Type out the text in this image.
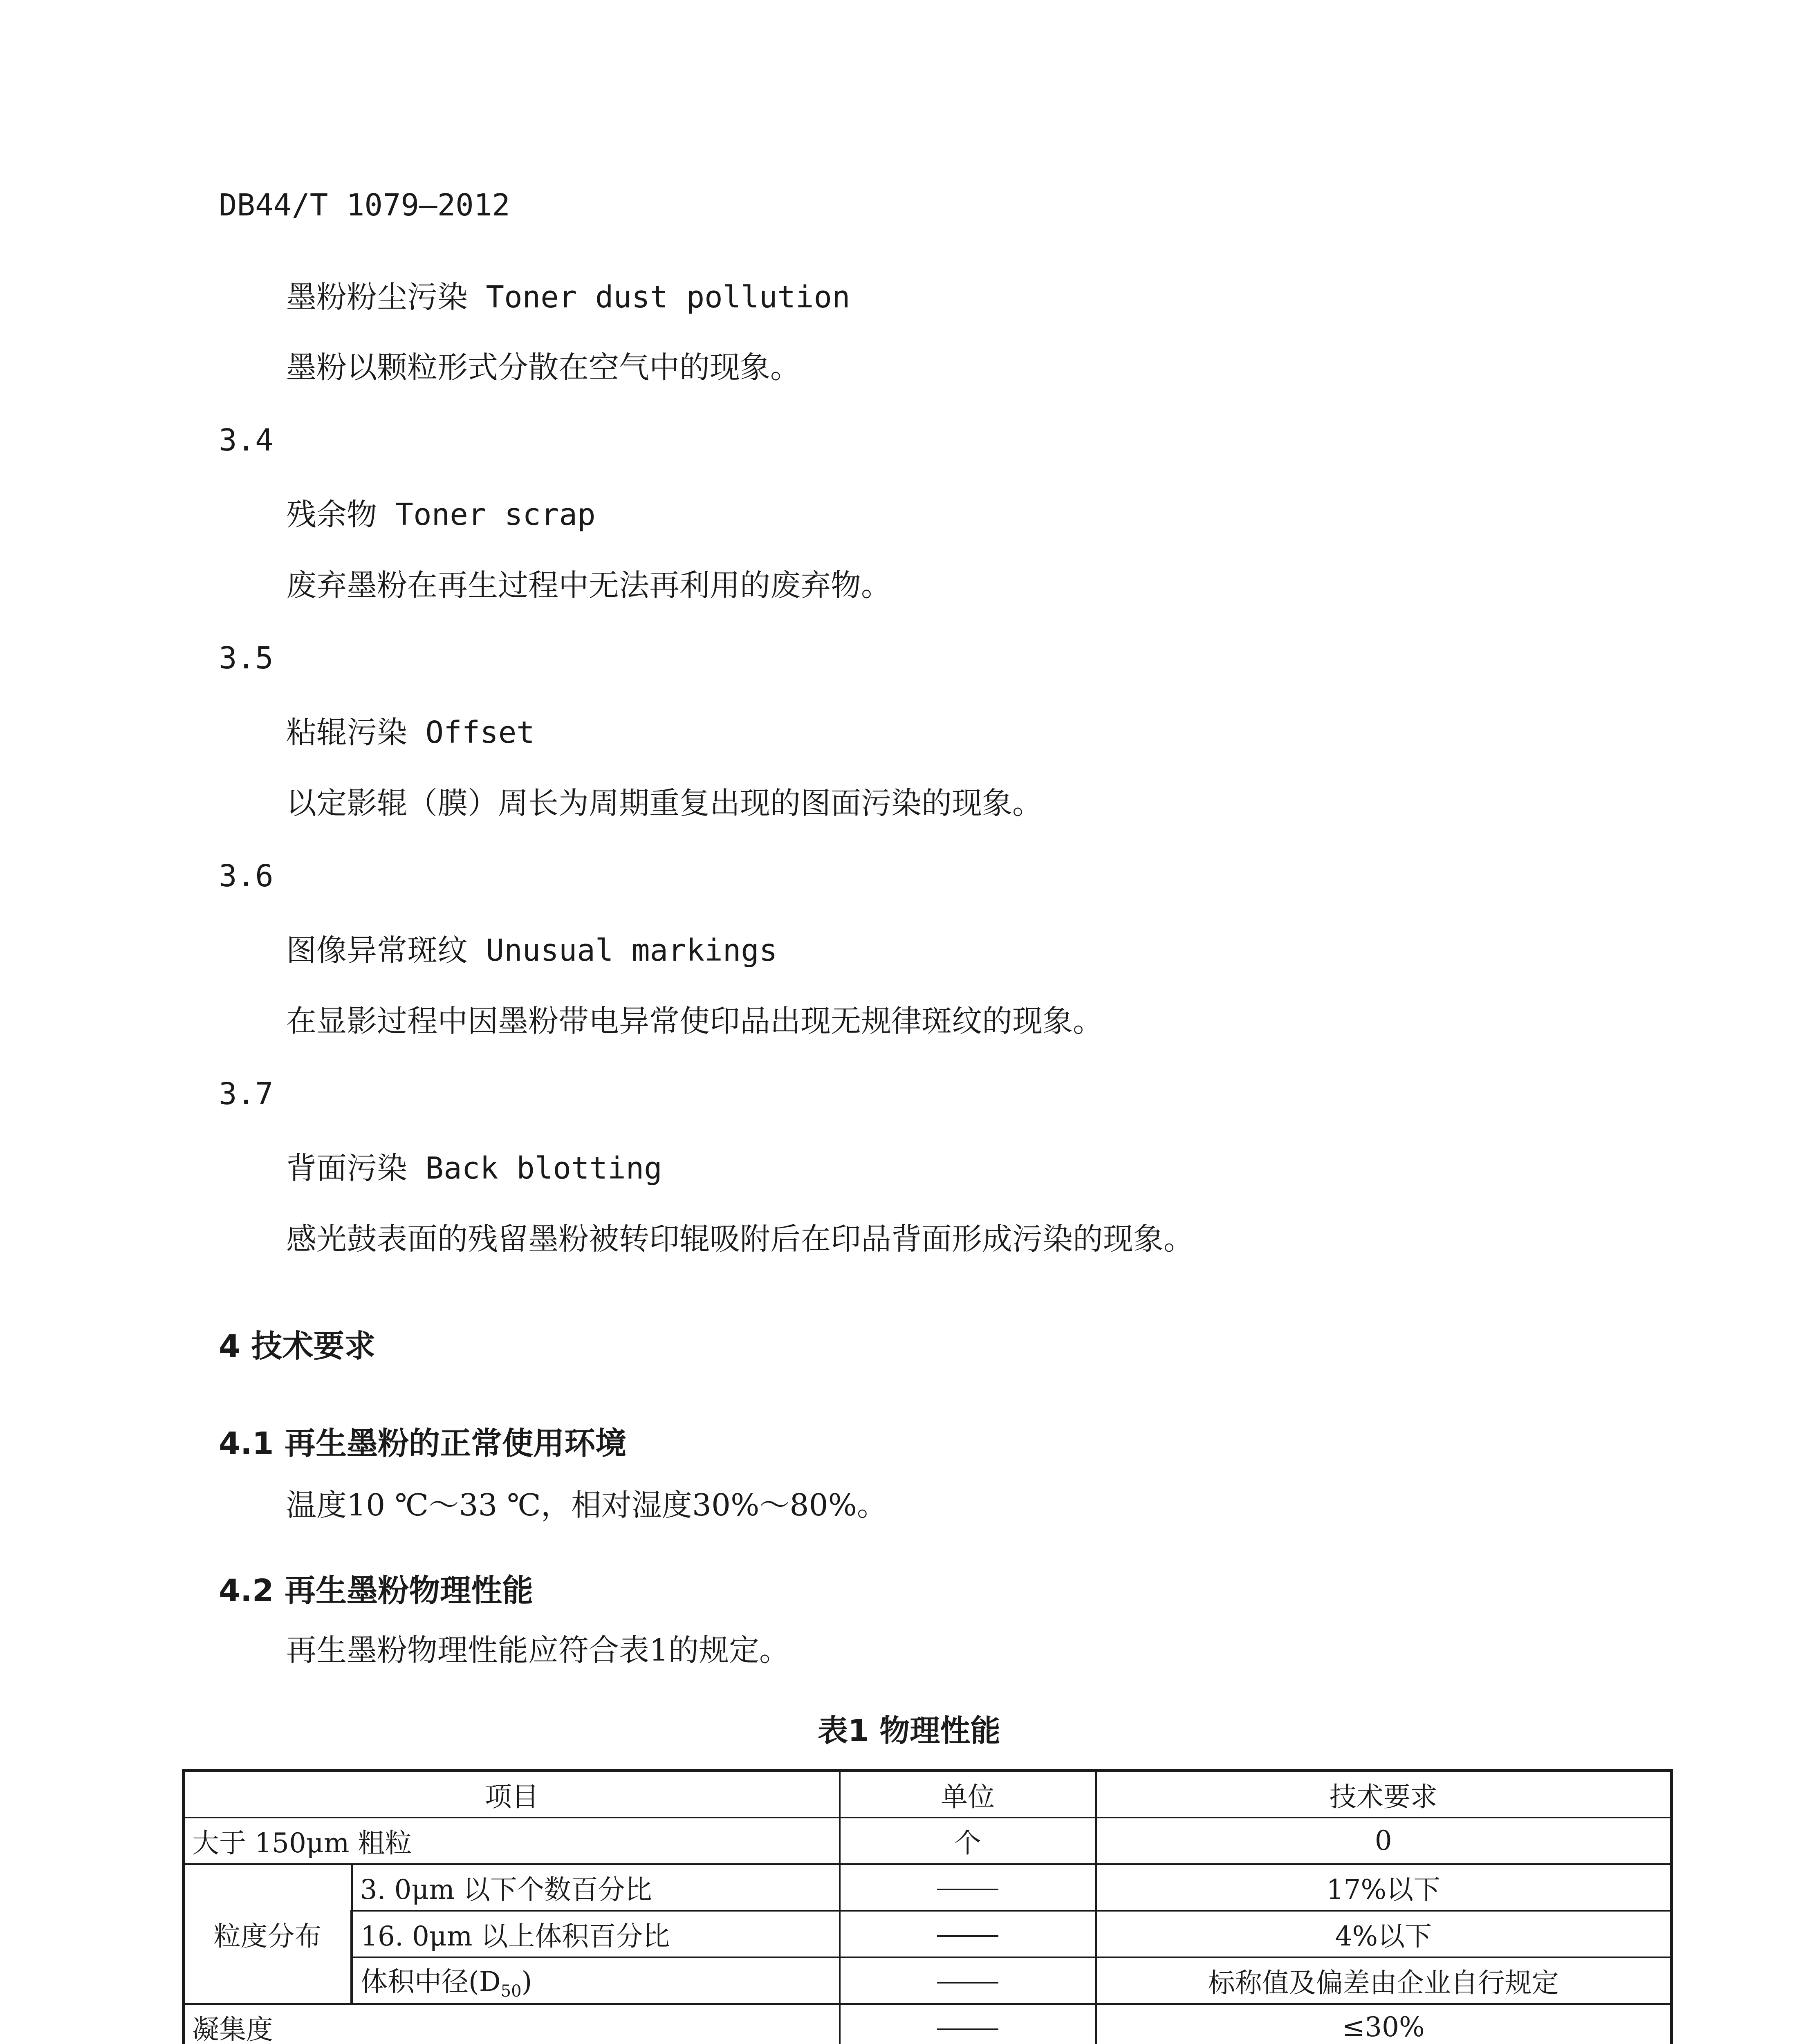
DB44/T 1079—2012
墨粉粉尘污染 Toner dust pollution
墨粉以颗粒形式分散在空气中的现象。
3.4
残余物 Toner scrap
废弃墨粉在再生过程中无法再利用的废弃物。
3.5
粘辊污染 Offset
以定影辊（膜）周长为周期重复出现的图面污染的现象。
3.6
图像异常斑纹 Unusual markings
在显影过程中因墨粉带电异常使印品出现无规律斑纹的现象。
3.7
背面污染 Back blotting
感光鼓表面的残留墨粉被转印辊吸附后在印品背面形成污染的现象。
4 技术要求
4.1 再生墨粉的正常使用环境
温度10 ℃～33 ℃，相对湿度30%～80%。
4.2 再生墨粉物理性能
再生墨粉物理性能应符合表1的规定。
表1 物理性能
项目		单位	技术要求
大于 150μm 粗粒		个	0
粒度分布	3. 0μm 以下个数百分比		17%以下
	16. 0μm 以上体积百分比		4%以下
	体积中径$(D_{50})$		标称值及偏差由企业自行规定
凝集度			≤30%
